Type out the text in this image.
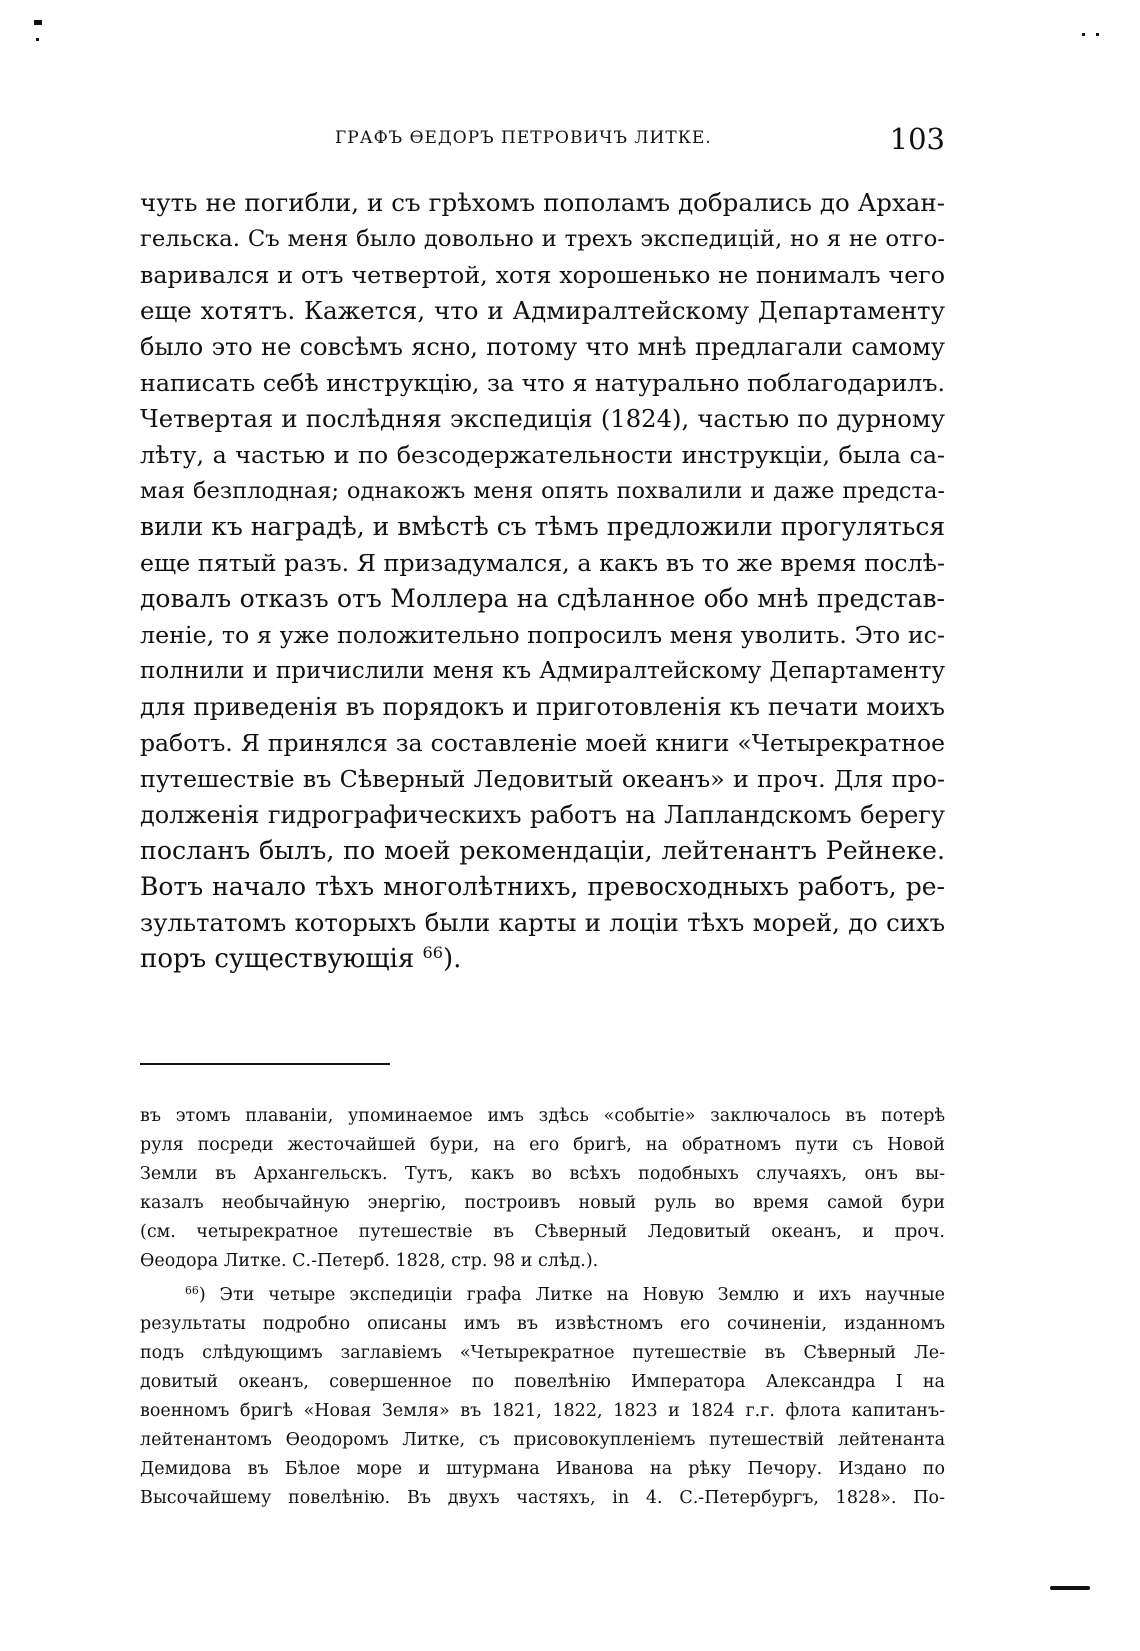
ГРАФЪ ѲЕДОРЪ ПЕТРОВИЧЪ ЛИТКЕ.	103
чуть не погибли, и съ грѣхомъ пополамъ добрались до Архан-
гельска. Съ меня было довольно и трехъ экспедицій, но я не отго-
варивался и отъ четвертой, хотя хорошенько не понималъ чего
еще хотятъ. Кажется, что и Адмиралтейскому Департаменту
было это не совсѣмъ ясно, потому что мнѣ предлагали самому
написать себѣ инструкцію, за что я натурально поблагодарилъ.
Четвертая и послѣдняя экспедиція (1824), частью по дурному
лѣту, а частью и по безсодержательности инструкціи, была са-
мая безплодная; однакожъ меня опять похвалили и даже предста-
вили къ наградѣ, и вмѣстѣ съ тѣмъ предложили прогуляться
еще пятый разъ. Я призадумался, а какъ въ то же время послѣ-
довалъ отказъ отъ Моллера на сдѣланное обо мнѣ представ-
леніе, то я уже положительно попросилъ меня уволить. Это ис-
полнили и причислили меня къ Адмиралтейскому Департаменту
для приведенія въ порядокъ и приготовленія къ печати моихъ
работъ. Я принялся за составленіе моей книги «Четырекратное
путешествіе въ Сѣверный Ледовитый океанъ» и проч. Для про-
долженія гидрографическихъ работъ на Лапландскомъ берегу
посланъ былъ, по моей рекомендаціи, лейтенантъ Рейнеке.
Вотъ начало тѣхъ многолѣтнихъ, превосходныхъ работъ, ре-
зультатомъ которыхъ были карты и лоціи тѣхъ морей, до сихъ
поръ существующія $^{66}$).
въ этомъ плаваніи, упоминаемое имъ здѣсь «событіе» заключалось въ потерѣ
руля посреди жесточайшей бури, на его бригѣ, на обратномъ пути съ Новой
Земли въ Архангельскъ. Тутъ, какъ во всѣхъ подобныхъ случаяхъ, онъ вы-
казалъ необычайную энергію, построивъ новый руль во время самой бури
(см. четырекратное путешествіе въ Сѣверный Ледовитый океанъ, и проч.
Ѳеодора Литке. С.-Петерб. 1828, стр. 98 и слѣд.).
$^{66}$) Эти четыре экспедиціи графа Литке на Новую Землю и ихъ научные
результаты подробно описаны имъ въ извѣстномъ его сочиненіи, изданномъ
подъ слѣдующимъ заглавіемъ «Четырекратное путешествіе въ Сѣверный Ле-
довитый океанъ, совершенное по повелѣнію Императора Александра I на
военномъ бригѣ «Новая Земля» въ 1821, 1822, 1823 и 1824 г.г. флота капитанъ-
лейтенантомъ Ѳеодоромъ Литке, съ присовокупленіемъ путешествій лейтенанта
Демидова въ Бѣлое море и штурмана Иванова на рѣку Печору. Издано по
Высочайшему повелѣнію. Въ двухъ частяхъ, in 4. С.-Петербургъ, 1828». По-
